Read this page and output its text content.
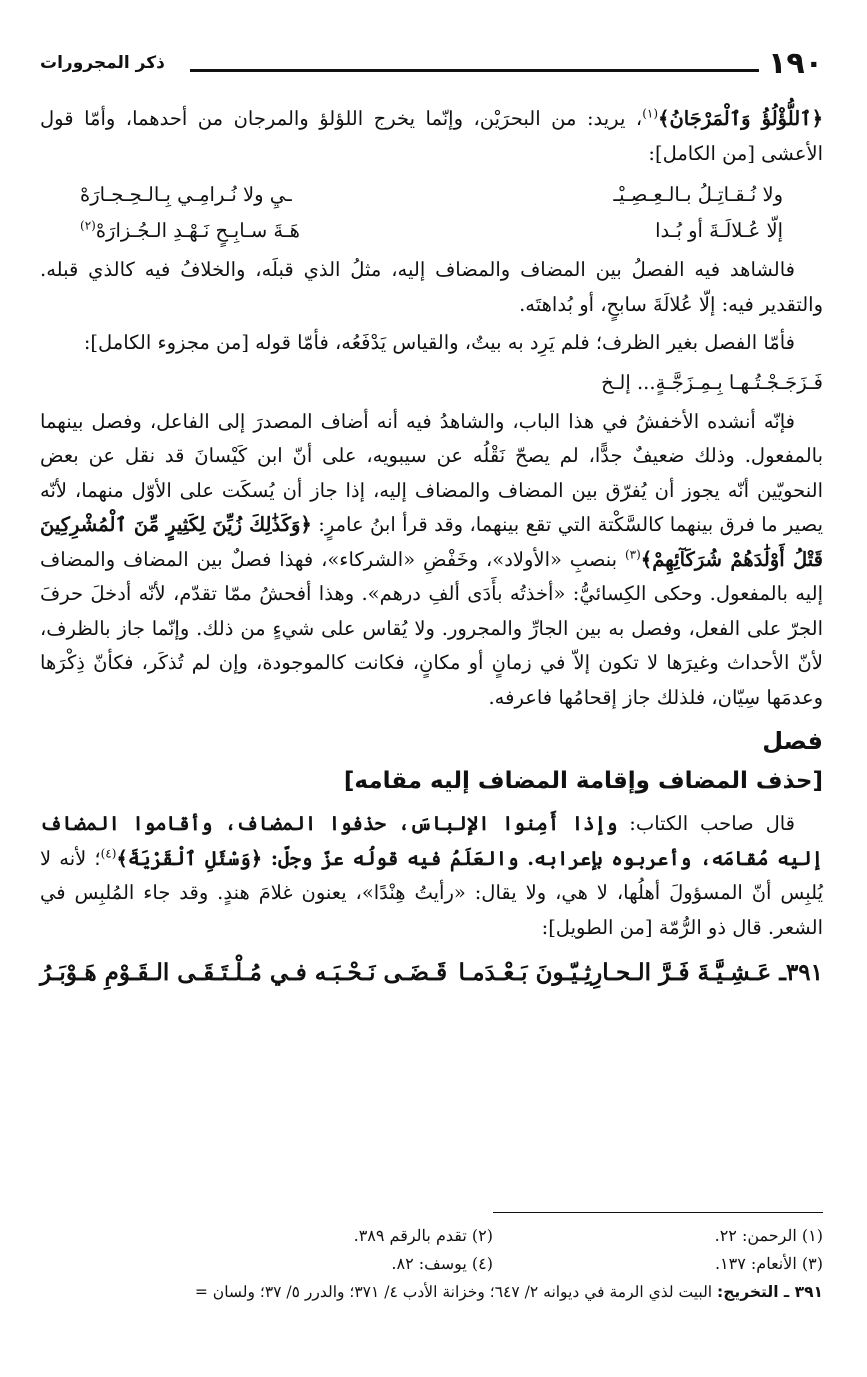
١٩٠
ذكر المجرورات

﴿ٱللُّؤْلُؤُ وَٱلْمَرْجَانُ﴾$^{(١)}$، يريد: من البحرَيْن، وإنّما يخرج اللؤلؤ والمرجان من أحدهما، وأمّا قول الأعشى [من الكامل]:

ولا نُـقـاتِـلُ بـالـعِـصِـيْـ
ـيِ ولا نُـرامِـي بِـالـحِـجـارَهْ
إلّا عُـلالَـةَ أو بُـدا
هَـةَ سـابِـحٍ نَـهْـدِ الـجُـزارَهْ$^{(٢)}$

فالشاهد فيه الفصلُ بين المضاف والمضاف إليه، مثلُ الذي قبلَه، والخلافُ فيه كالذي قبله. والتقدير فيه: إلّا عُلالَةَ سابحٍ، أو بُداهتَه.

فأمّا الفصل بغير الظرف؛ فلم يَرِد به بيتٌ، والقياس يَدْفَعُه، فأمّا قوله [من مجزوء الكامل]:

فَـزَجَـجْـتُـهـا بِـمِـزَجَّـةٍ... إلـخ

فإنّه أنشده الأخفشُ في هذا الباب، والشاهدُ فيه أنه أضاف المصدرَ إلى الفاعل، وفصل بينهما بالمفعول. وذلك ضعيفٌ جدًّا، لم يصحّ نَقْلُه عن سيبويه، على أنّ ابن كَيْسانَ قد نقل عن بعض النحويّين أنّه يجوز أن يُفرّق بين المضاف والمضاف إليه، إذا جاز أن يُسكَت على الأوّل منهما، لأنّه يصير ما فرق بينهما كالسَّكْتة التي تقع بينهما، وقد قرأ ابنُ عامرٍ: ﴿وَكَذَٰلِكَ زُيِّنَ لِكَثِيرٍ مِّنَ ٱلْمُشْرِكِينَ قَتْلُ أَوْلَٰدَهُمْ شُرَكَآئِهِمْ﴾$^{(٣)}$ بنصبِ «الأولاد»، وخَفْضِ «الشركاء»، فهذا فصلٌ بين المضاف والمضاف إليه بالمفعول. وحكى الكِسائيُّ: «أخذتُه بأَدَى ألفِ درهم». وهذا أفحشُ ممّا تقدّم، لأنّه أدخلَ حرفَ الجرّ على الفعل، وفصل به بين الجارِّ والمجرور. ولا يُقاس على شيءٍ من ذلك. وإنّما جاز بالظرف، لأنّ الأحداث وغيرَها لا تكون إلاّ في زمانٍ أو مكانٍ، فكانت كالموجودة، وإن لم تُذكَر، فكأنّ ذِكْرَها وعدمَها سِيّان، فلذلك جاز إقحامُها فاعرفه.

فصل
[حذف المضاف وإقامة المضاف إليه مقامه]

قال صاحب الكتاب: وإذا أَمِنوا الإلباسَ، حذفوا المضاف، وأقاموا المضاف إليه مُقامَه، وأعربوه بإعرابه. والعَلَمُ فيه قولُه عزّ وجلّ: ﴿وَسْئَلِ ٱلْقَرْيَةَ﴾$^{(٤)}$؛ لأنه لا يُلبِس أنّ المسؤولَ أهلُها، لا هي، ولا يقال: «رأيتُ هِنْدًا»، يعنون غلامَ هندٍ. وقد جاء المُلبِس في الشعر. قال ذو الرُّمّة [من الطويل]:

٣٩١ـ عَـشِـيَّـةَ فَـرَّ الـحـارِثِـيّـونَ بَـعْـدَمـا
قَـضَـى نَـحْـبَـه فـي مُـلْـتَـقَـى الـقَـوْمِ هَـوْبَـرُ
(١) الرحمن: ٢٢.
(٢) تقدم بالرقم ٣٨٩.
(٣) الأنعام: ١٣٧.
(٤) يوسف: ٨٢.
٣٩١ ـ التخريج: البيت لذي الرمة في ديوانه ٢/ ٦٤٧؛ وخزانة الأدب ٤/ ٣٧١؛ والدرر ٥/ ٣٧؛ ولسان =
